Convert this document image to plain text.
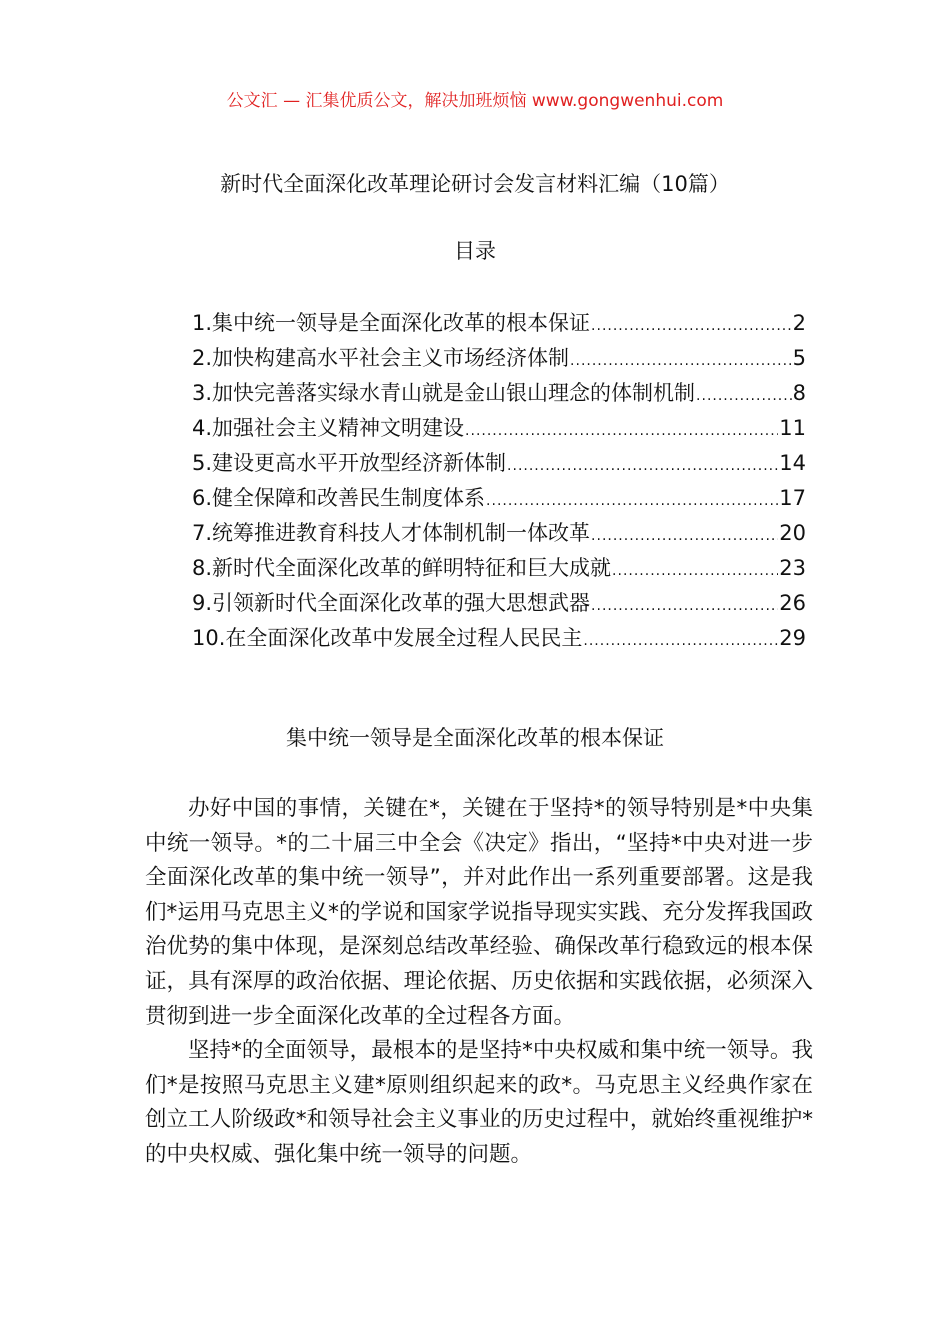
公文汇 — 汇集优质公文，解决加班烦恼 www.gongwenhui.com
新时代全面深化改革理论研讨会发言材料汇编（10篇）
目录
1.集中统一领导是全面深化改革的根本保证 .....	2
2.加快构建高水平社会主义市场经济体制 .....	5
3.加快完善落实绿水青山就是金山银山理念的体制机制 .....	8
4.加强社会主义精神文明建设 .....	11
5.建设更高水平开放型经济新体制 .....	14
6.健全保障和改善民生制度体系 .....	17
7.统筹推进教育科技人才体制机制一体改革 .....	20
8.新时代全面深化改革的鲜明特征和巨大成就 .....	23
9.引领新时代全面深化改革的强大思想武器 .....	26
10.在全面深化改革中发展全过程人民民主 .....	29
集中统一领导是全面深化改革的根本保证

办好中国的事情，关键在*，关键在于坚持*的领导特别是*中央集中统一领导。*的二十届三中全会《决定》指出，“坚持*中央对进一步全面深化改革的集中统一领导”，并对此作出一系列重要部署。这是我们*运用马克思主义*的学说和国家学说指导现实实践、充分发挥我国政治优势的集中体现，是深刻总结改革经验、确保改革行稳致远的根本保证，具有深厚的政治依据、理论依据、历史依据和实践依据，必须深入贯彻到进一步全面深化改革的全过程各方面。

坚持*的全面领导，最根本的是坚持*中央权威和集中统一领导。我们*是按照马克思主义建*原则组织起来的政*。马克思主义经典作家在创立工人阶级政*和领导社会主义事业的历史过程中，就始终重视维护*的中央权威、强化集中统一领导的问题。
